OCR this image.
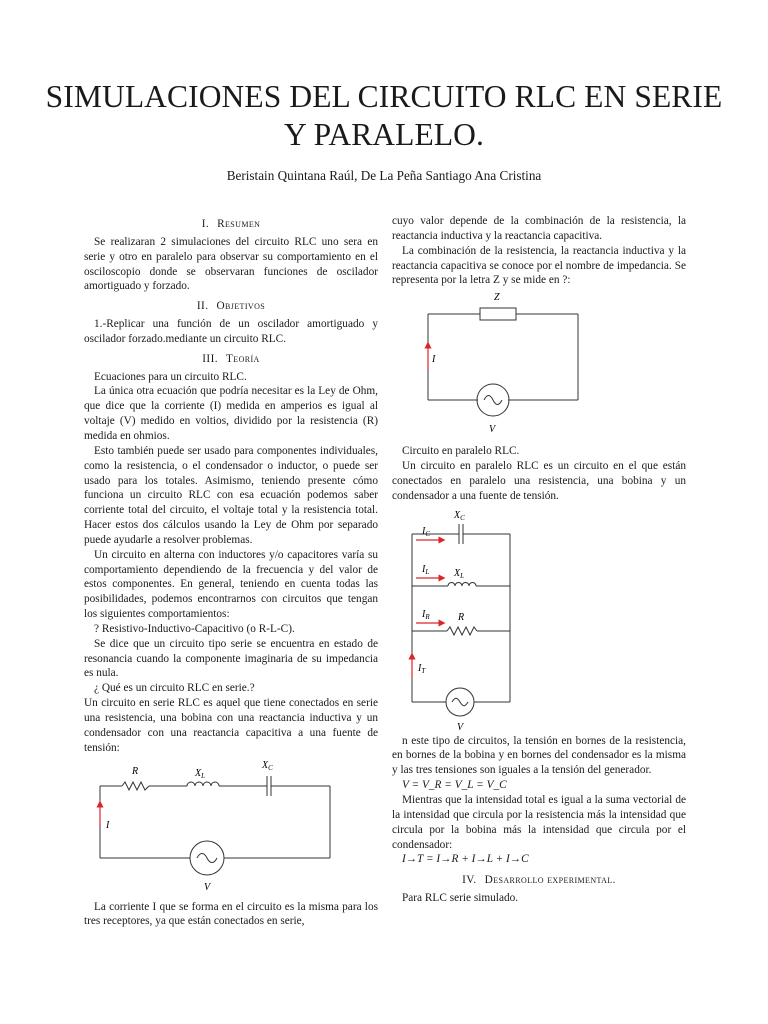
SIMULACIONES DEL CIRCUITO RLC EN SERIE Y PARALELO.
Beristain Quintana Raúl, De La Peña Santiago Ana Cristina
I. Resumen

Se realizaran 2 simulaciones del circuito RLC uno sera en serie y otro en paralelo para observar su comportamiento en el osciloscopio donde se observaran funciones de oscilador amortiguado y forzado.

II. Objetivos

1.-Replicar una función de un oscilador amortiguado y oscilador forzado.mediante un circuito RLC.

III. Teoría

Ecuaciones para un circuito RLC.

La única otra ecuación que podría necesitar es la Ley de Ohm, que dice que la corriente (I) medida en amperios es igual al voltaje (V) medido en voltios, dividido por la resistencia (R) medida en ohmios.

Esto también puede ser usado para componentes individuales, como la resistencia, o el condensador o inductor, o puede ser usado para los totales. Asimismo, teniendo presente cómo funciona un circuito RLC con esa ecuación podemos saber corriente total del circuito, el voltaje total y la resistencia total. Hacer estos dos cálculos usando la Ley de Ohm por separado puede ayudarle a resolver problemas.

Un circuito en alterna con inductores y/o capacitores varía su comportamiento dependiendo de la frecuencia y del valor de estos componentes. En general, teniendo en cuenta todas las posibilidades, podemos encontrarnos con circuitos que tengan los siguientes comportamientos:

? Resistivo-Inductivo-Capacitivo (o R-L-C).

Se dice que un circuito tipo serie se encuentra en estado de resonancia cuando la componente imaginaria de su impedancia es nula.

¿ Qué es un circuito RLC en serie.?

Un circuito en serie RLC es aquel que tiene conectados en serie una resistencia, una bobina con una reactancia inductiva y un condensador con una reactancia capacitiva a una fuente de tensión:

R	$X_L$
$X_C$
I
V

La corriente I que se forma en el circuito es la misma para los tres receptores, ya que están conectados en serie,

cuyo valor depende de la combinación de la resistencia, la reactancia inductiva y la reactancia capacitiva.

La combinación de la resistencia, la reactancia inductiva y la reactancia capacitiva se conoce por el nombre de impedancia. Se representa por la letra Z y se mide en ?:

Z
I
V

Circuito en paralelo RLC.

Un circuito en paralelo RLC es un circuito en el que están conectados en paralelo una resistencia, una bobina y un condensador a una fuente de tensión.

$X_C$
$I_C$
$I_L$ $X_L$
$I_R$	R
$I_T$
V

n este tipo de circuitos, la tensión en bornes de la resistencia, en bornes de la bobina y en bornes del condensador es la misma y las tres tensiones son iguales a la tensión del generador.

V = V_R = V_L = V_C

Mientras que la intensidad total es igual a la suma vectorial de la intensidad que circula por la resistencia más la intensidad que circula por la bobina más la intensidad que circula por el condensador:

I→T = I→R + I→L + I→C

IV. Desarrollo experimental.

Para RLC serie simulado.
